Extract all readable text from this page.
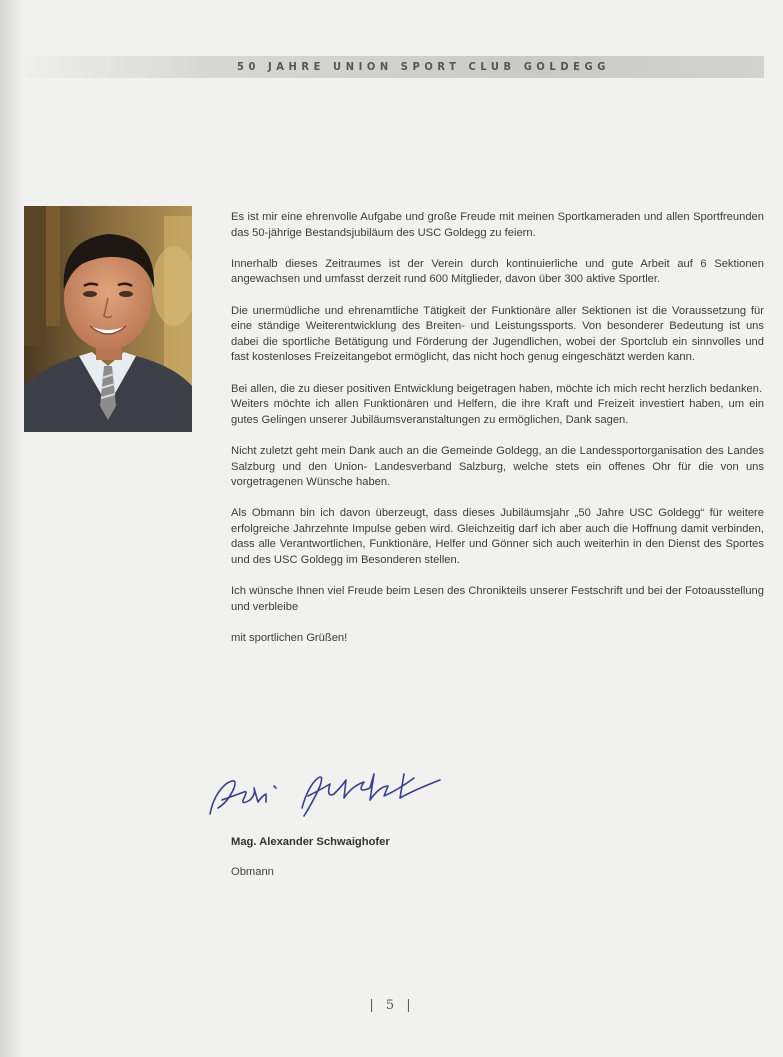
50 JAHRE UNION SPORT CLUB GOLDEGG

Es ist mir eine ehrenvolle Aufgabe und große Freude mit meinen Sportkameraden und allen Sportfreunden das 50-jährige Bestandsjubiläum des USC Goldegg zu feiern.

Innerhalb dieses Zeitraumes ist der Verein durch kontinuierliche und gute Arbeit auf 6 Sektionen angewachsen und umfasst derzeit rund 600 Mitglieder, davon über 300 aktive Sportler.

Die unermüdliche und ehrenamtliche Tätigkeit der Funktionäre aller Sektionen ist die Voraussetzung für eine ständige Weiterentwicklung des Breiten- und Leistungssports. Von besonderer Bedeutung ist uns dabei die sportliche Betätigung und Förderung der Jugendlichen, wobei der Sportclub ein sinnvolles und fast kostenloses Freizeitangebot ermöglicht, das nicht hoch genug eingeschätzt werden kann.

Bei allen, die zu dieser positiven Entwicklung beigetragen haben, möchte ich mich recht herzlich bedanken.

Weiters möchte ich allen Funktionären und Helfern, die ihre Kraft und Freizeit investiert haben, um ein gutes Gelingen unserer Jubiläumsveranstaltungen zu ermöglichen, Dank sagen.

Nicht zuletzt geht mein Dank auch an die Gemeinde Goldegg, an die Landessportorganisation des Landes Salzburg und den Union- Landesverband Salzburg, welche stets ein offenes Ohr für die von uns vorgetragenen Wünsche haben.

Als Obmann bin ich davon überzeugt, dass dieses Jubiläumsjahr „50 Jahre USC Goldegg“ für weitere erfolgreiche Jahrzehnte Impulse geben wird. Gleichzeitig darf ich aber auch die Hoffnung damit verbinden, dass alle Verantwortlichen, Funktionäre, Helfer und Gönner sich auch weiterhin in den Dienst des Sportes und des USC Goldegg im Besonderen stellen.

Ich wünsche Ihnen viel Freude beim Lesen des Chronikteils unserer Festschrift und bei der Fotoausstellung und verbleibe

mit sportlichen Grüßen!

Mag. Alexander Schwaighofer
Obmann
| 5 |
